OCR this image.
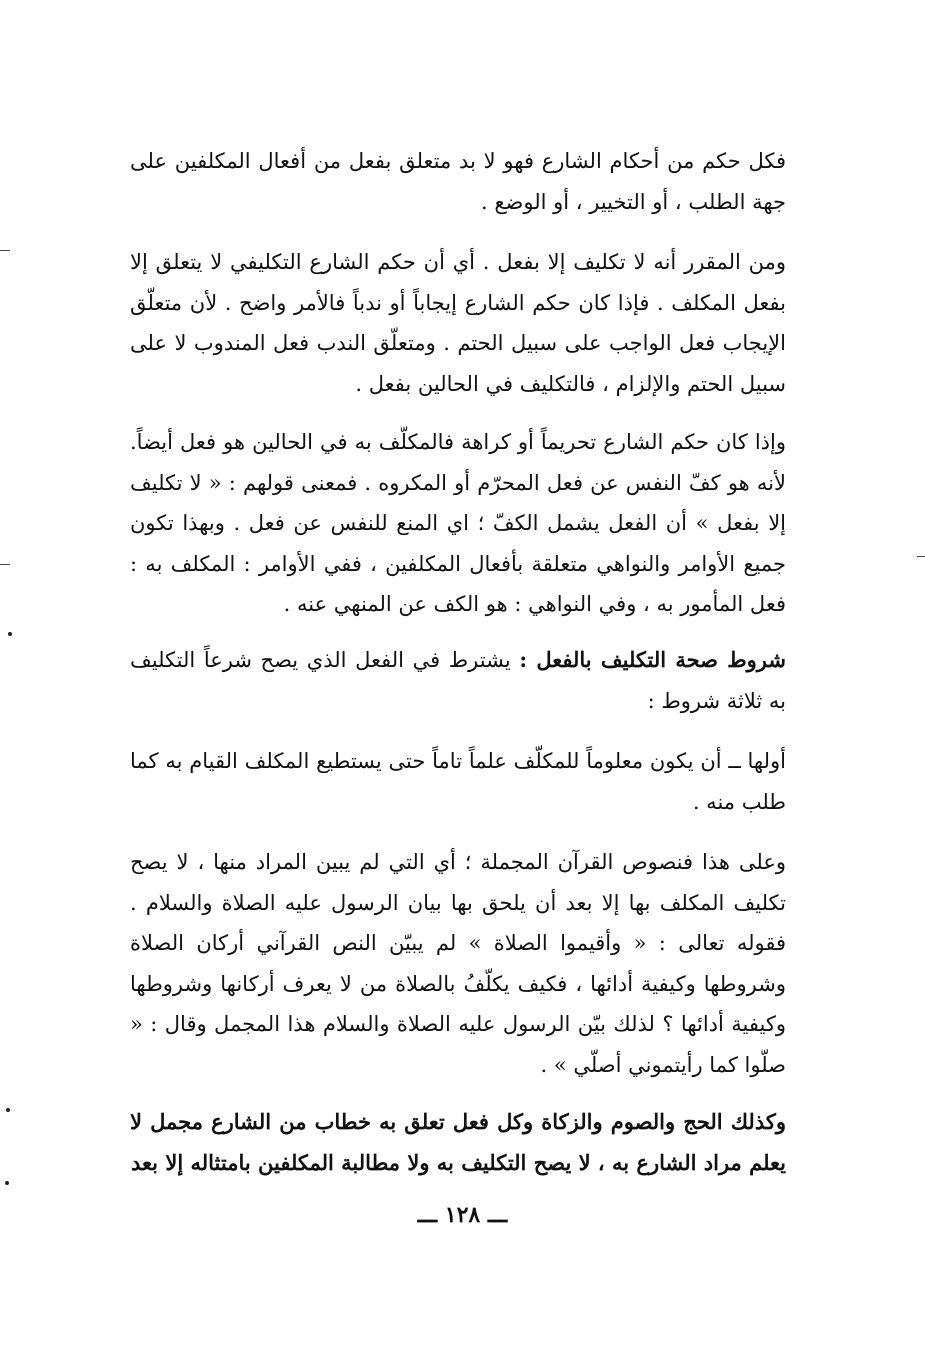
فكل حكم من أحكام الشارع فهو لا بد متعلق بفعل من أفعال المكلفين على جهة الطلب ، أو التخيير ، أو الوضع .

ومن المقرر أنه لا تكليف إلا بفعل . أي أن حكم الشارع التكليفي لا يتعلق إلا بفعل المكلف . فإذا كان حكم الشارع إيجاباً أو ندباً فالأمر واضح . لأن متعلّق الإيجاب فعل الواجب على سبيل الحتم . ومتعلّق الندب فعل المندوب لا على سبيل الحتم والإلزام ، فالتكليف في الحالين بفعل .

وإذا كان حكم الشارع تحريماً أو كراهة فالمكلّف به في الحالين هو فعل أيضاً. لأنه هو كفّ النفس عن فعل المحرّم أو المكروه . فمعنى قولهم : « لا تكليف إلا بفعل » أن الفعل يشمل الكفّ ؛ اي المنع للنفس عن فعل . وبهذا تكون جميع الأوامر والنواهي متعلقة بأفعال المكلفين ، ففي الأوامر : المكلف به : فعل المأمور به ، وفي النواهي : هو الكف عن المنهي عنه .

شروط صحة التكليف بالفعل : يشترط في الفعل الذي يصح شرعاً التكليف به ثلاثة شروط :

أولها ــ أن يكون معلوماً للمكلّف علماً تاماً حتى يستطيع المكلف القيام به كما طلب منه .

وعلى هذا فنصوص القرآن المجملة ؛ أي التي لم يبين المراد منها ، لا يصح تكليف المكلف بها إلا بعد أن يلحق بها بيان الرسول عليه الصلاة والسلام . فقوله تعالى : « وأقيموا الصلاة » لم يبيّن النص القرآني أركان الصلاة وشروطها وكيفية أدائها ، فكيف يكلّفُ بالصلاة من لا يعرف أركانها وشروطها وكيفية أدائها ؟ لذلك بيّن الرسول عليه الصلاة والسلام هذا المجمل وقال : « صلّوا كما رأيتموني أصلّي » .

وكذلك الحج والصوم والزكاة وكل فعل تعلق به خطاب من الشارع مجمل لا يعلم مراد الشارع به ، لا يصح التكليف به ولا مطالبة المكلفين بامتثاله إلا بعد

ـــ ١٢٨ ـــ
